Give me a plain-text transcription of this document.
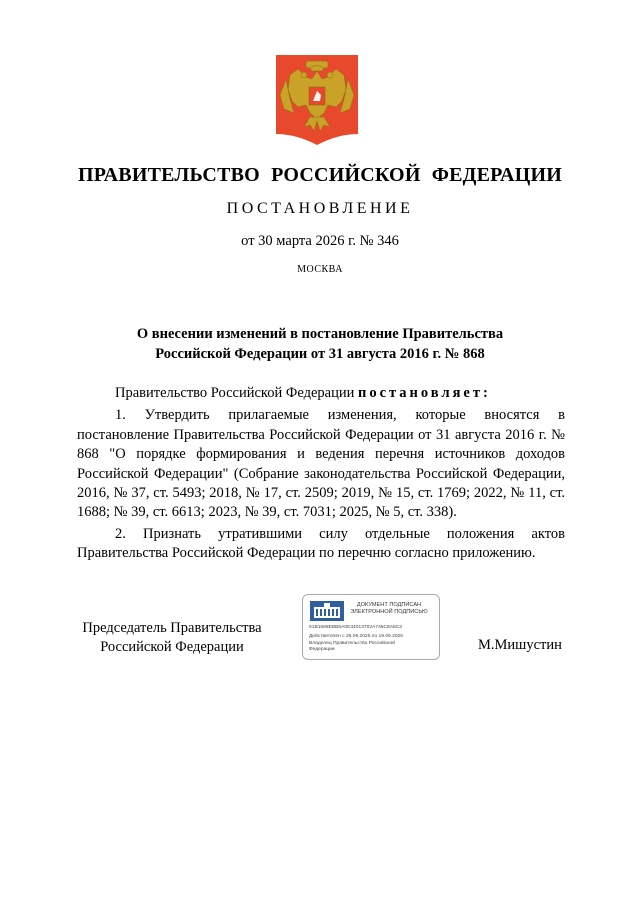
ПРАВИТЕЛЬСТВО РОССИЙСКОЙ ФЕДЕРАЦИИ
ПОСТАНОВЛЕНИЕ
от 30 марта 2026 г. № 346
МОСКВА
О внесении изменений в постановление Правительства
Российской Федерации от 31 августа 2016 г. № 868

Правительство Российской Федерации постановляет:

1. Утвердить прилагаемые изменения, которые вносятся в постановление Правительства Российской Федерации от 31 августа 2016 г. № 868 "О порядке формирования и ведения перечня источников доходов Российской Федерации" (Собрание законодательства Российской Федерации, 2016, № 37, ст. 5493; 2018, № 17, ст. 2509; 2019, № 15, ст. 1769; 2022, № 11, ст. 1688; № 39, ст. 6613; 2023, № 39, ст. 7031; 2025, № 5, ст. 338).

2. Признать утратившими силу отдельные положения актов Правительства Российской Федерации по перечню согласно приложению.

Председатель Правительства
Российской Федерации
ДОКУМЕНТ ПОДПИСАН
ЭЛЕКТРОННОЙ ПОДПИСЬЮ
51B1588EBB5A0E34013702A746C8A8C3
Действителен с 26.06.2025 по 19.09.2026
Владелец Правительство Российской
Федерации	М.Мишустин
